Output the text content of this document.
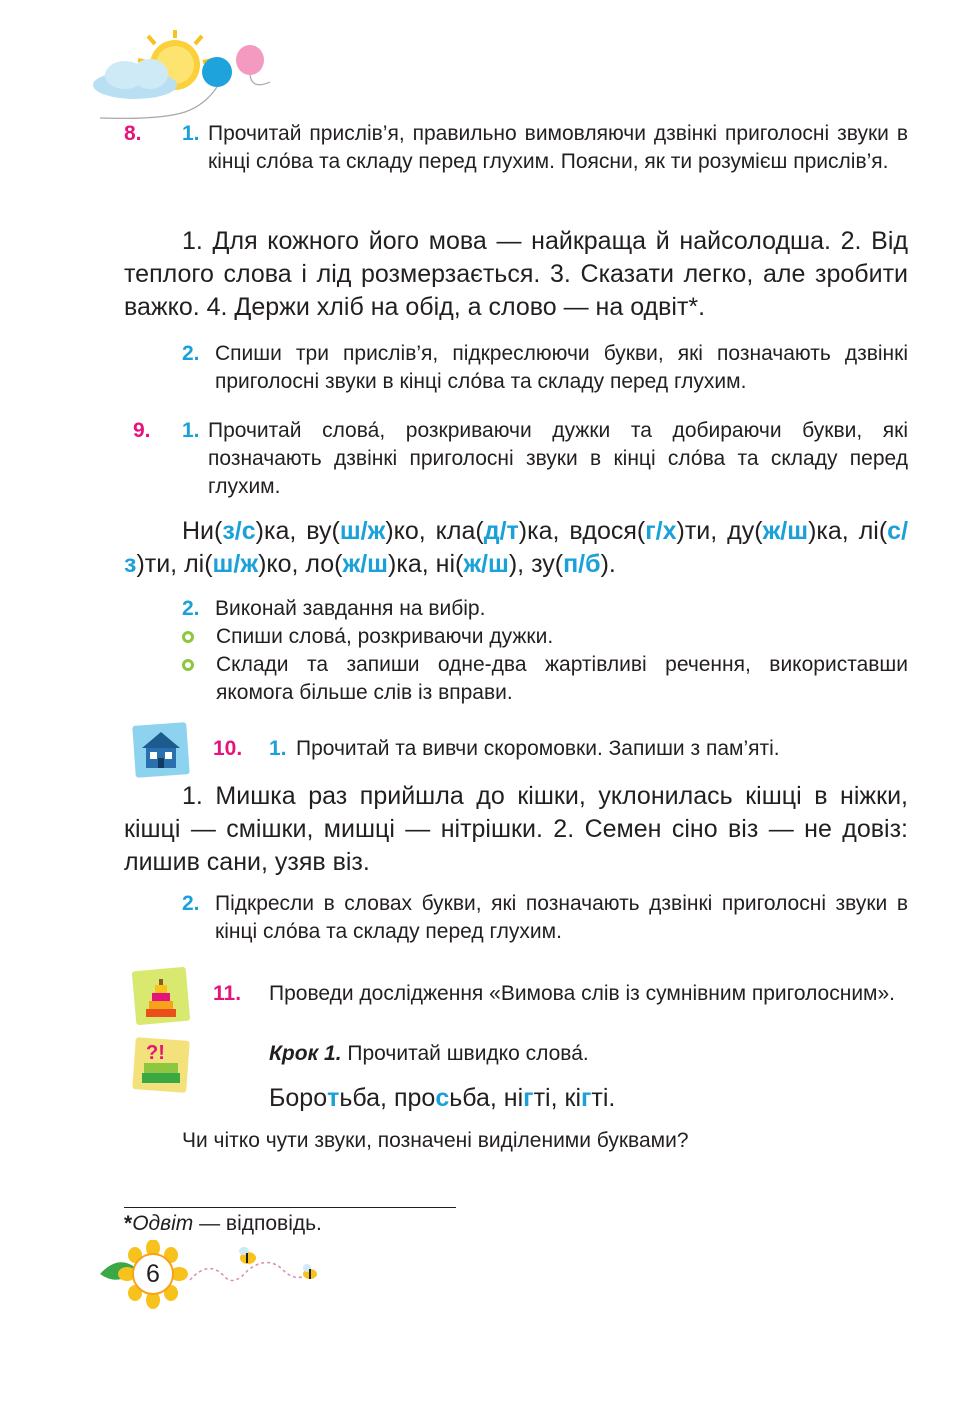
8. 1. Прочитай прислів’я, правильно вимовляючи дзвінкі приголосні звуки в кінці сло́ва та складу перед глухим. Поясни, як ти розумієш прислів’я.
1. Для кожного його мова — найкраща й найсолодша. 2. Від теплого слова і лід розмерзається. 3. Сказати легко, але зробити важко. 4. Держи хліб на обід, а слово — на одвіт*.
2. Спиши три прислів’я, підкреслюючи букви, які позначають дзвінкі приголосні звуки в кінці сло́ва та складу перед глухим.
9. 1. Прочитай слова́, розкриваючи дужки та добираючи букви, які позначають дзвінкі приголосні звуки в кінці сло́ва та складу перед глухим.
Ни(з/с)ка, ву(ш/ж)ко, кла(д/т)ка, вдося(г/х)ти, ду(ж/ш)ка, лі(с/з)ти, лі(ш/ж)ко, ло(ж/ш)ка, ні(ж/ш), зу(п/б).
2. Виконай завдання на вибір.
Спиши слова́, розкриваючи дужки.
Склади та запиши одне-два жартівливі речення, використавши якомога більше слів із вправи.
10. 1. Прочитай та вивчи скоромовки. Запиши з пам’яті.
1. Мишка раз прийшла до кішки, уклонилась кішці в ніжки, кішці — смішки, мишці — нітрішки. 2. Семен сіно віз — не довіз: лишив сани, узяв віз.
2. Підкресли в словах букви, які позначають дзвінкі приголосні звуки в кінці сло́ва та складу перед глухим.
?!
11. Проведи дослідження «Вимова слів із сумнівним приголосним».
Крок 1. Прочитай швидко слова́.
Боротьба, просьба, нігті, кігті.
Чи чітко чути звуки, позначені виділеними буквами?
*Одвіт — відповідь.
6
